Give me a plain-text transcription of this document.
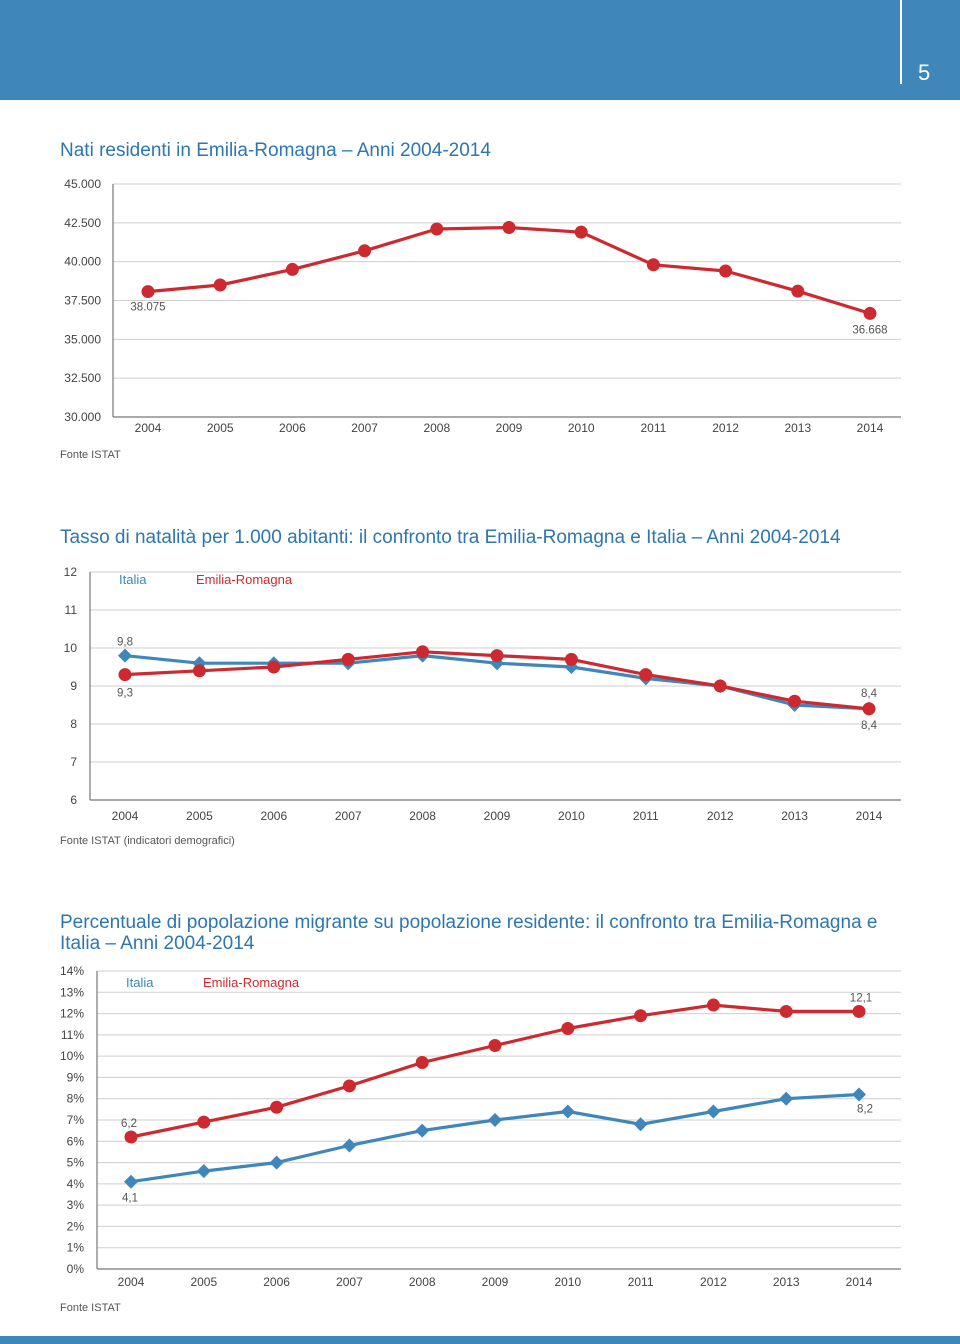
5
Nati residenti in Emilia-Romagna – Anni 2004-2014
30.000
32.500
35.000
37.500
40.000
42.500
45.000
2004	2005	2006	2007	2008	2009	2010	2011	2012	2013	2014
38.075
36.668
Fonte ISTAT
Tasso di natalità per 1.000 abitanti: il confronto tra Emilia-Romagna e Italia – Anni 2004-2014
6
7
8
9
10
11
12
2004	2005	2006	2007	2008	2009	2010	2011	2012	2013	2014
Italia	Emilia-Romagna
9,8
9,3	8,4
8,4
Fonte ISTAT (indicatori demografici)
Percentuale di popolazione migrante su popolazione residente: il confronto tra Emilia-Romagna e Italia – Anni 2004-2014
0%
1%
2%
3%
4%
5%
6%
7%
8%
9%
10%
11%
12%
13%
14%
2004	2005	2006	2007	2008	2009	2010	2011	2012	2013	2014
Italia	Emilia-Romagna
6,2
4,1
12,1
8,2
Fonte ISTAT
